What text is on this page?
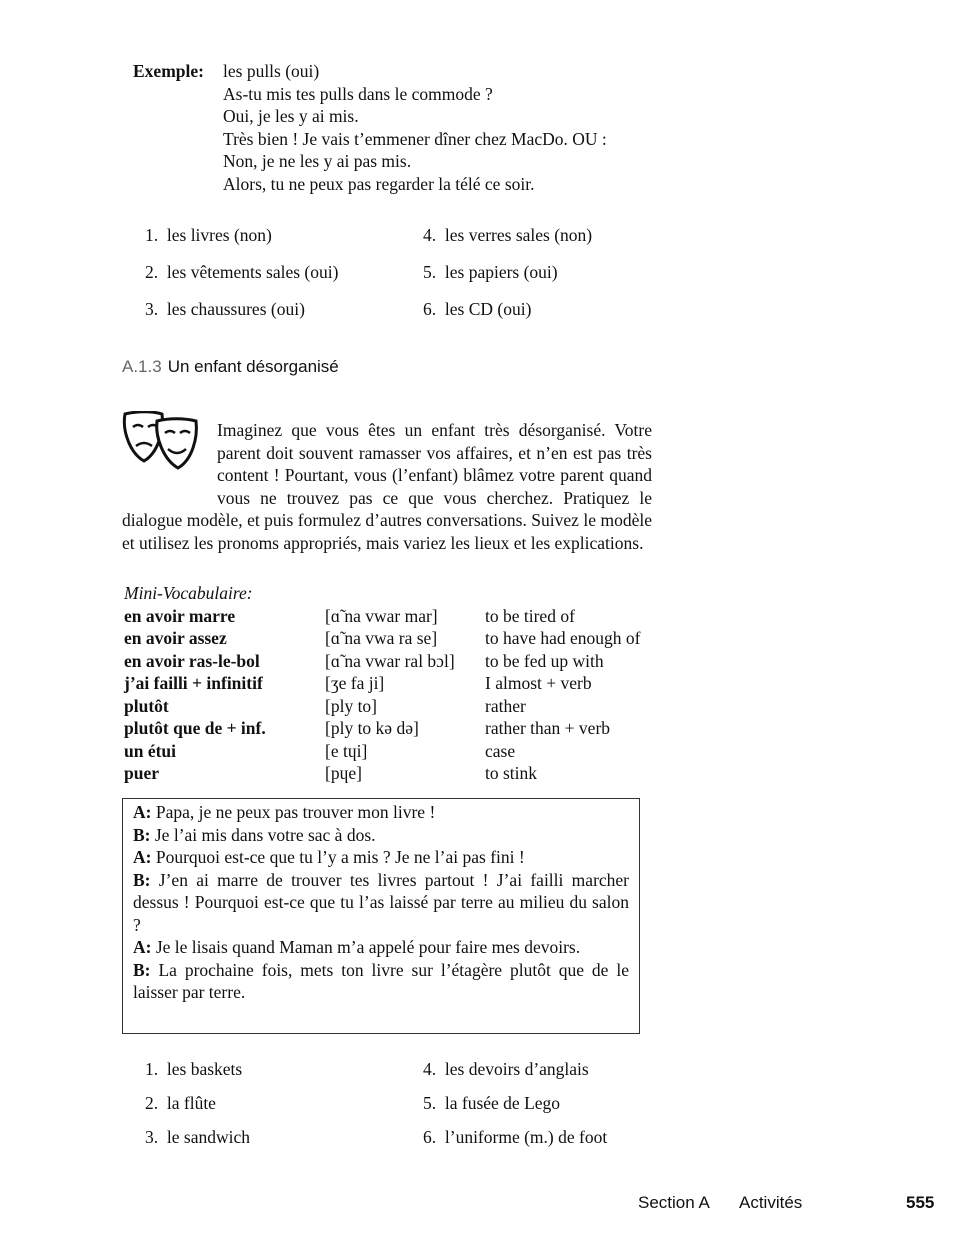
Exemple: les pulls (oui)
As-tu mis tes pulls dans le commode ?
Oui, je les y ai mis.
Très bien ! Je vais t’emmener dîner chez MacDo. OU :
Non, je ne les y ai pas mis.
Alors, tu ne peux pas regarder la télé ce soir.
1. les livres (non)
2. les vêtements sales (oui)
3. les chaussures (oui)
4. les verres sales (non)
5. les papiers (oui)
6. les CD (oui)
A.1.3 Un enfant désorganisé
Imaginez que vous êtes un enfant très désorganisé. Votre parent doit souvent ramasser vos affaires, et n’en est pas très content ! Pourtant, vous (l’enfant) blâmez votre parent quand vous ne trouvez pas ce que vous cherchez. Pratiquez le dialogue modèle, et puis formulez d’autres conversations. Suivez le modèle et utilisez les pronoms appropriés, mais variez les lieux et les explications.
Mini-Vocabulaire:
en avoir marre	[ɑ̃ na vwar mar]	to be tired of
en avoir assez	[ɑ̃ na vwa ra se]	to have had enough of
en avoir ras-le-bol	[ɑ̃ na vwar ral bɔl] to be fed up with
j’ai failli + infinitif	[ʒe fa ji]	I almost + verb
plutôt	[ply to]	rather
plutôt que de + inf.	[ply to kə də]	rather than + verb
un étui	[e tɥi]	case
puer	[pɥe]	to stink
A: Papa, je ne peux pas trouver mon livre !
B: Je l’ai mis dans votre sac à dos.
A: Pourquoi est-ce que tu l’y a mis ? Je ne l’ai pas fini !
B: J’en ai marre de trouver tes livres partout ! J’ai failli marcher dessus ! Pourquoi est-ce que tu l’as laissé par terre au milieu du salon ?
A: Je le lisais quand Maman m’a appelé pour faire mes devoirs.
B: La prochaine fois, mets ton livre sur l’étagère plutôt que de le laisser par terre.
1. les baskets
2. la flûte
3. le sandwich
4. les devoirs d’anglais
5. la fusée de Lego
6. l’uniforme (m.) de foot
Section A Activités	555
